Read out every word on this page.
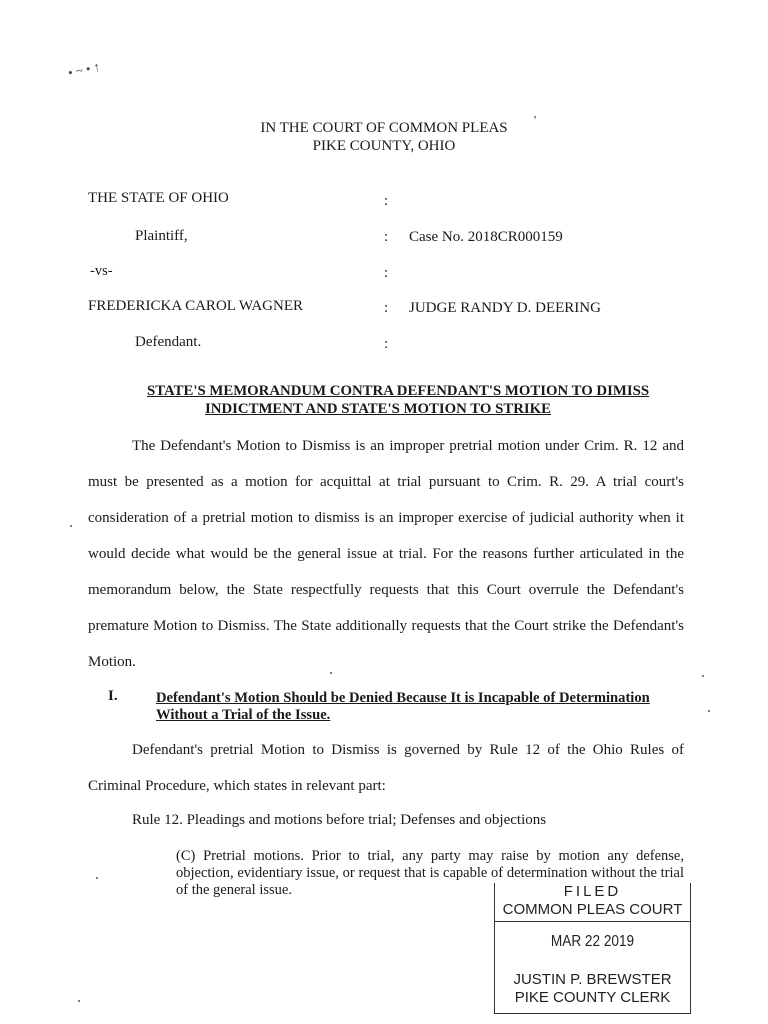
• ~ • ↑
ʼ
IN THE COURT OF COMMON PLEAS
PIKE COUNTY, OHIO
THE STATE OF OHIO	:
Plaintiff,	: Case No. 2018CR000159
-vs-	:
FREDERICKA CAROL WAGNER	: JUDGE RANDY D. DEERING
Defendant.	:
STATE'S MEMORANDUM CONTRA DEFENDANT'S MOTION TO DIMISS
INDICTMENT AND STATE'S MOTION TO STRIKE

The Defendant's Motion to Dismiss is an improper pretrial motion under Crim. R. 12 and must be presented as a motion for acquittal at trial pursuant to Crim. R. 29. A trial court's consideration of a pretrial motion to dismiss is an improper exercise of judicial authority when it would decide what would be the general issue at trial. For the reasons further articulated in the memorandum below, the State respectfully requests that this Court overrule the Defendant's premature Motion to Dismiss. The State additionally requests that the Court strike the Defendant's Motion.

I.	Defendant's Motion Should be Denied Because It is Incapable of Determination
Without a Trial of the Issue.

Defendant's pretrial Motion to Dismiss is governed by Rule 12 of the Ohio Rules of Criminal Procedure, which states in relevant part:

Rule 12. Pleadings and motions before trial; Defenses and objections
(C) Pretrial motions. Prior to trial, any party may raise by motion any defense, objection, evidentiary issue, or request that is capable of determination without the trial of the general issue.	FILED
COMMON PLEAS COURT
MAR 22 2019
JUSTIN P. BREWSTER
PIKE COUNTY CLERK
